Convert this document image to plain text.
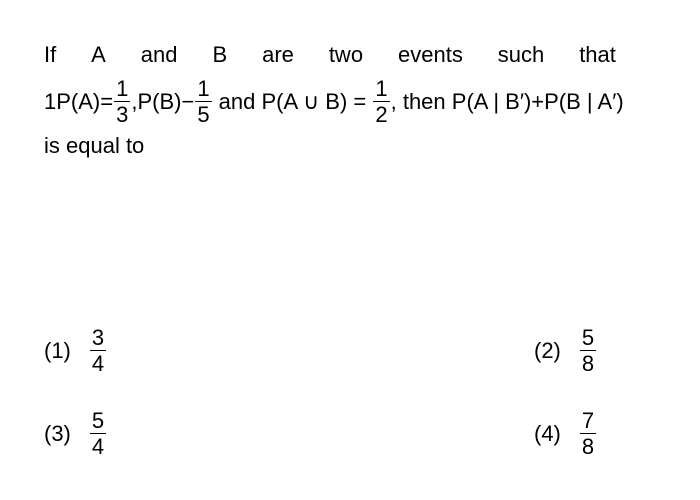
If A and B are two events such that
$1P(A)= \frac{1}{3} ,P(B)- \frac{1}{5}$ and P(A ∪ $B) = \frac{1}{2}$ , then P(A | B′)+P(B | A′)
is equal to
$(1) \frac{3}{4}$	$(2) \frac{5}{8}$
$(3) \frac{5}{4}$	$(4) \frac{7}{8}$
